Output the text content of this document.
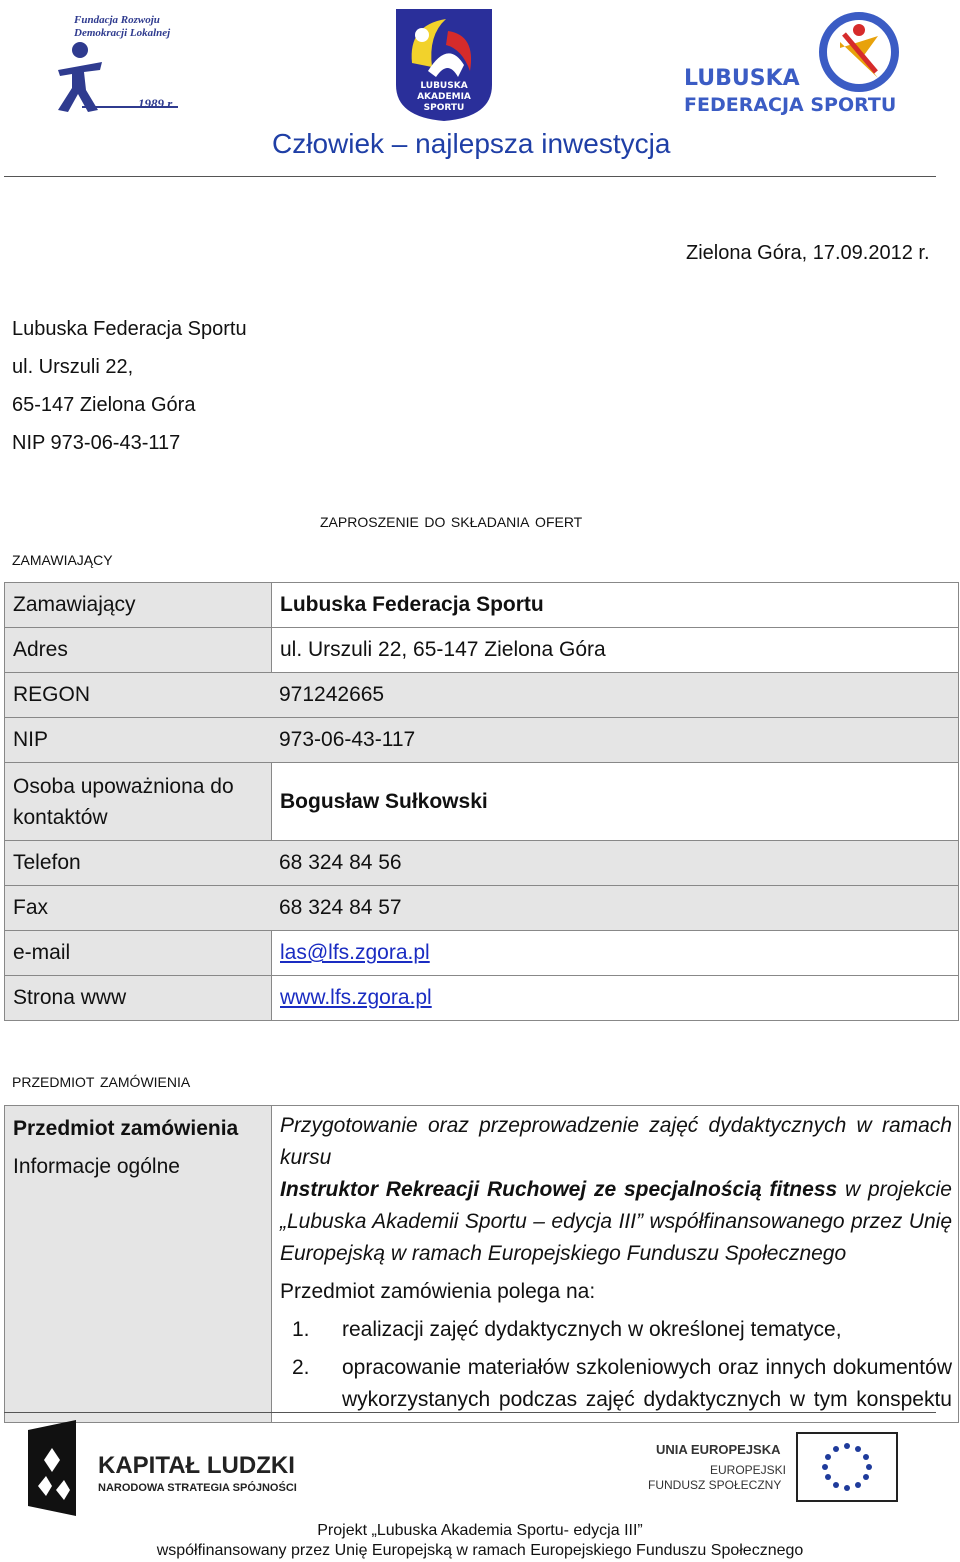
Fundacja Rozwoju
Demokracji Lokalnej
1989 r.
LUBUSKA
AKADEMIA
SPORTU
LUBUSKA
FEDERACJA SPORTU
Człowiek – najlepsza inwestycja
Zielona Góra, 17.09.2012 r.
Lubuska Federacja Sportu
ul. Urszuli 22,
65-147 Zielona Góra
NIP 973-06-43-117
zaproszenie do składania ofert
zamawiający
Zamawiający	Lubuska Federacja Sportu
Adres	ul. Urszuli 22, 65-147 Zielona Góra
REGON 971242665	
NIP 973-06-43-117	
Osoba upoważniona do kontaktów	Bogusław Sułkowski
Telefon 68 324 84 56	
Fax 68 324 84 57	
e-mail	las@lfs.zgora.pl
Strona www	www.lfs.zgora.pl
przedmiot zamówienia
Przedmiot zamówienia
Informacje ogólne

Przygotowanie oraz przeprowadzenie zajęć dydaktycznych w ramach kursu
Instruktor Rekreacji Ruchowej ze specjalnością fitness w projekcie
„Lubuska Akademii Sportu – edycja III” współfinansowanego przez Unię
Europejską w ramach Europejskiego Funduszu Społecznego
Przedmiot zamówienia polega na:
1.	realizacji zajęć dydaktycznych w określonej tematyce,
2.	opracowanie materiałów szkoleniowych oraz innych dokumentów wykorzystanych podczas zajęć dydaktycznych w tym konspektu
KAPITAŁ LUDZKI
NARODOWA STRATEGIA SPÓJNOŚCI
UNIA EUROPEJSKA
EUROPEJSKI
FUNDUSZ SPOŁECZNY
Projekt „Lubuska Akademia Sportu- edycja III”
współfinansowany przez Unię Europejską w ramach Europejskiego Funduszu Społecznego
